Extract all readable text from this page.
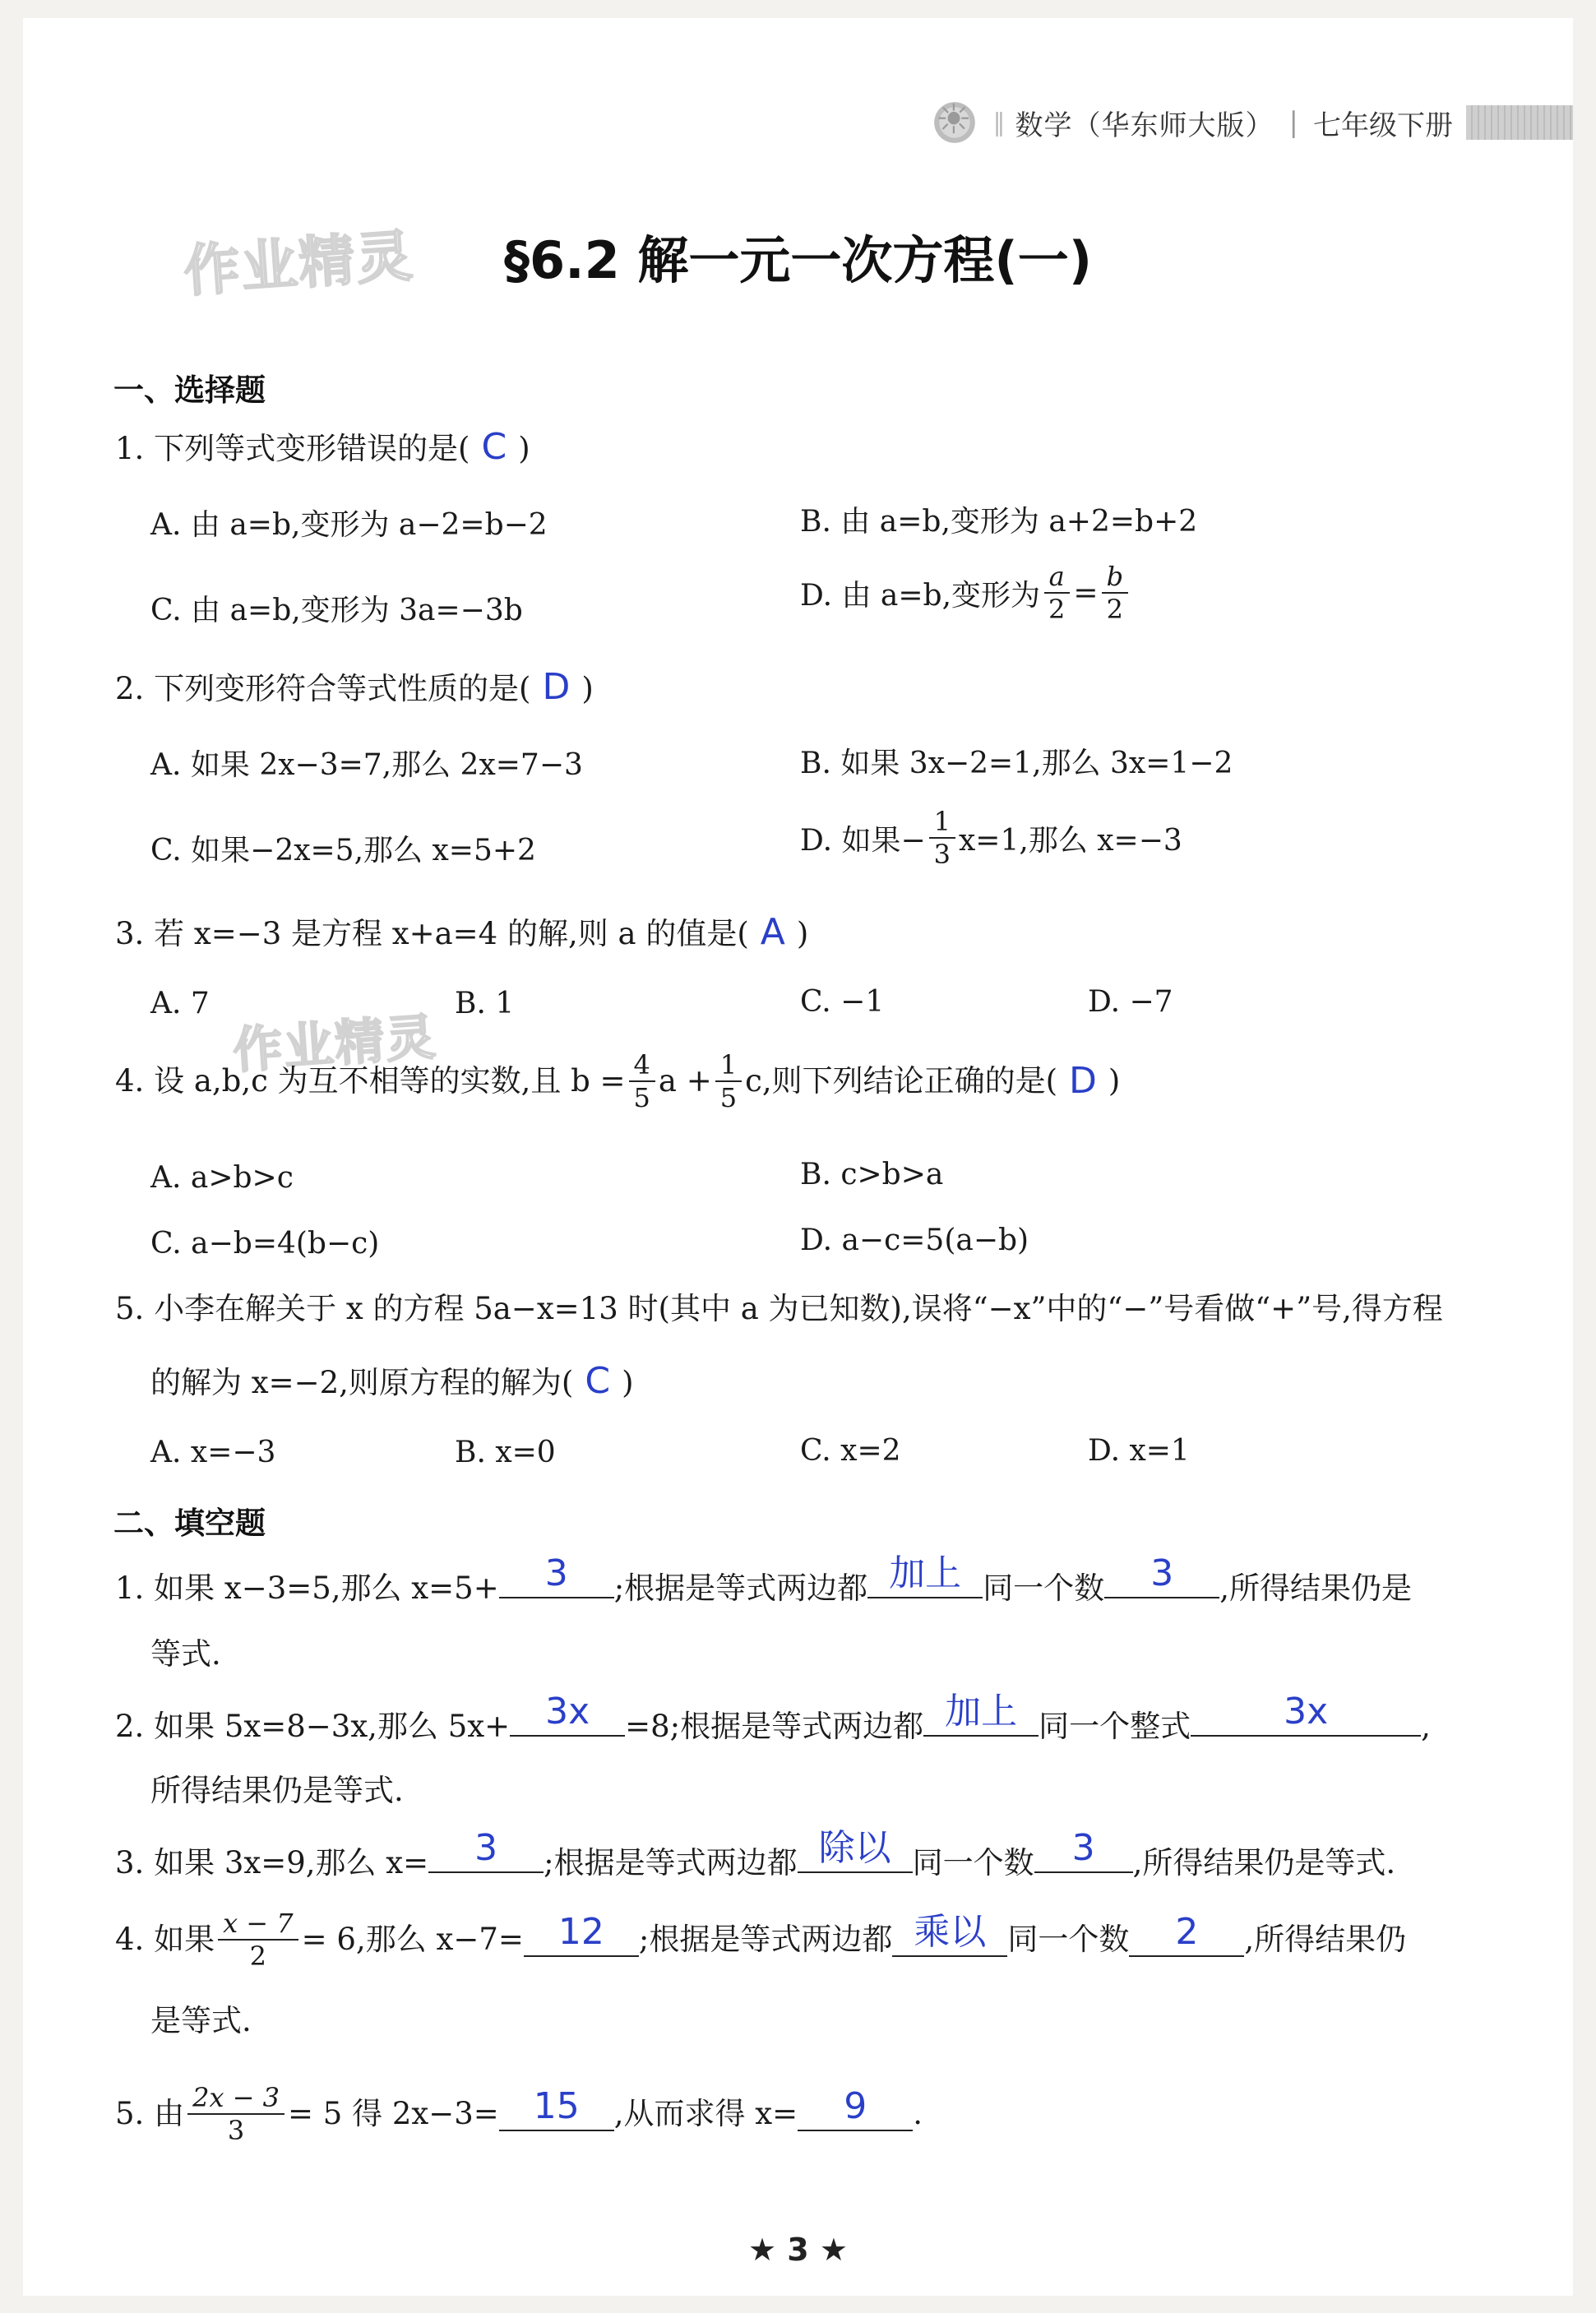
☀
‖ 数学（华东师大版） | 七年级下册
作业精灵	§6.2 解一元一次方程(一)
一、选择题
1. 下列等式变形错误的是( C )
A. 由 a=b,变形为 a−2=b−2	B. 由 a=b,变形为 a+2=b+2
C. 由 a=b,变形为 3a=−3b	D. 由 a=b,变形为 $\frac{a}{2} = \frac{b}{2}$
2. 下列变形符合等式性质的是( D )
A. 如果 2x−3=7,那么 2x=7−3	B. 如果 3x−2=1,那么 3x=1−2
C. 如果−2x=5,那么 x=5+2	D. 如果− $\frac{1}{3} x=1$,那么 x=−3
3. 若 x=−3 是方程 x+a=4 的解,则 a 的值是( A )
A. 7	B. 1	C. −1	D. −7
作业精灵
4. 设 a,b,c 为互不相等的实数,且 $b = \frac{4}{5}$ $a + \frac{1}{5} c$,则下列结论正确的是( D )
A. a>b>c	B. c>b>a
C. a−b=4(b−c)	D. a−c=5(a−b)
5. 小李在解关于 x 的方程 5a−x=13 时(其中 a 为已知数),误将“−x”中的“−”号看做“+”号,得方程
的解为 x=−2,则原方程的解为( C )
A. x=−3	B. x=0	C. x=2	D. x=1
二、填空题
1. 如果 x−3=5,那么 x=5+	3	;根据是等式两边都 加上 同一个数	3	,所得结果仍是
等式.
2. 如果 5x=8−3x,那么 5x+ 3x	=8;根据是等式两边都 加上 同一个整式	3x	,
所得结果仍是等式.
3. 如果 3x=9,那么 x=	3	;根据是等式两边都 除以 同一个数	3	,所得结果仍是等式.
4. 如果 $\frac{x - 7}{2} = 6$,那么 x−7= 12	;根据是等式两边都 乘以 同一个数	2	,所得结果仍
是等式.
5. 由 $\frac{2x - 3}{3} = 5$ 得 2x−3= 15	,从而求得 x=	9	.
★ 3 ★
